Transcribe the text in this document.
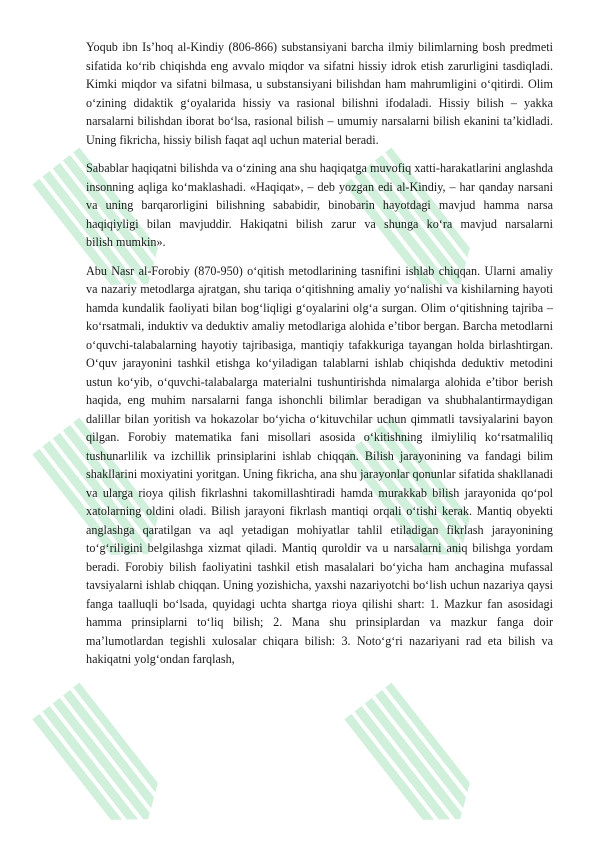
Yoqub ibn Is’hoq al-Kindiy (806-866) substansiyani barcha ilmiy bilimlarning bosh predmeti sifatida ko‘rib chiqishda eng avvalo miqdor va sifatni hissiy idrok etish zarurligini tasdiqladi. Kimki miqdor va sifatni bilmasa, u substansiyani bilishdan ham mahrumligini o‘qitirdi. Olim o‘zining didaktik g‘oyalarida hissiy va rasional bilishni ifodaladi. Hissiy bilish – yakka narsalarni bilishdan iborat bo‘lsa, rasional bilish – umumiy narsalarni bilish ekanini ta’kidladi. Uning fikricha, hissiy bilish faqat aql uchun material beradi.

Sabablar haqiqatni bilishda va o‘zining ana shu haqiqatga muvofiq xatti-harakatlarini anglashda insonning aqliga ko‘maklashadi. «Haqiqat», – deb yozgan edi al-Kindiy, – har qanday narsani va uning barqarorligini bilishning sababidir, binobarin hayotdagi mavjud hamma narsa haqiqiyligi bilan mavjuddir. Hakiqatni bilish zarur va shunga ko‘ra mavjud narsalarni

bilish mumkin».

Abu Nasr al-Forobiy (870-950) o‘qitish metodlarining tasnifini ishlab chiqqan. Ularni amaliy va nazariy metodlarga ajratgan, shu tariqa o‘qitishning amaliy yo‘nalishi va kishilarning hayoti hamda kundalik faoliyati bilan bog‘liqligi g‘oyalarini olg‘a surgan. Olim o‘qitishning tajriba – ko‘rsatmali, induktiv va deduktiv amaliy metodlariga alohida e’tibor bergan. Barcha metodlarni o‘quvchi-talabalarning hayotiy tajribasiga, mantiqiy tafakkuriga tayangan holda birlashtirgan. O‘quv jarayonini tashkil etishga ko‘yiladigan talablarni ishlab chiqishda deduktiv metodini ustun ko‘yib, o‘quvchi-talabalarga materialni tushuntirishda nimalarga alohida e’tibor berish haqida, eng muhim narsalarni fanga ishonchli bilimlar beradigan va shubhalantirmaydigan dalillar bilan yoritish va hokazolar bo‘yicha o‘kituvchilar uchun qimmatli tavsiyalarini bayon qilgan. Forobiy matematika fani misollari asosida o‘kitishning ilmiyliliq ko‘rsatmaliliq tushunarlilik va izchillik prinsiplarini ishlab chiqqan. Bilish jarayonining va fandagi bilim shakllarini moxiyatini yoritgan. Uning fikricha, ana shu jarayonlar qonunlar sifatida shakllanadi va ularga rioya qilish fikrlashni takomillashtiradi hamda murakkab bilish jarayonida qo‘pol xatolarning oldini oladi. Bilish jarayoni fikrlash mantiqi orqali o‘tishi kerak. Mantiq obyekti anglashga qaratilgan va aql yetadigan mohiyatlar tahlil etiladigan fikrlash jarayonining to‘g‘riligini belgilashga xizmat qiladi. Mantiq quroldir va u narsalarni aniq bilishga yordam beradi. Forobiy bilish faoliyatini tashkil etish masalalari bo‘yicha ham anchagina mufassal tavsiyalarni ishlab chiqqan. Uning yozishicha, yaxshi nazariyotchi bo‘lish uchun nazariya qaysi fanga taalluqli bo‘lsada, quyidagi uchta shartga rioya qilishi shart: 1. Mazkur fan asosidagi hamma prinsiplarni to‘liq bilish; 2. Mana shu prinsiplardan va mazkur fanga doir ma’lumotlardan tegishli xulosalar chiqara bilish: 3. Noto‘g‘ri nazariyani rad eta bilish va hakiqatni yolg‘ondan farqlash,
